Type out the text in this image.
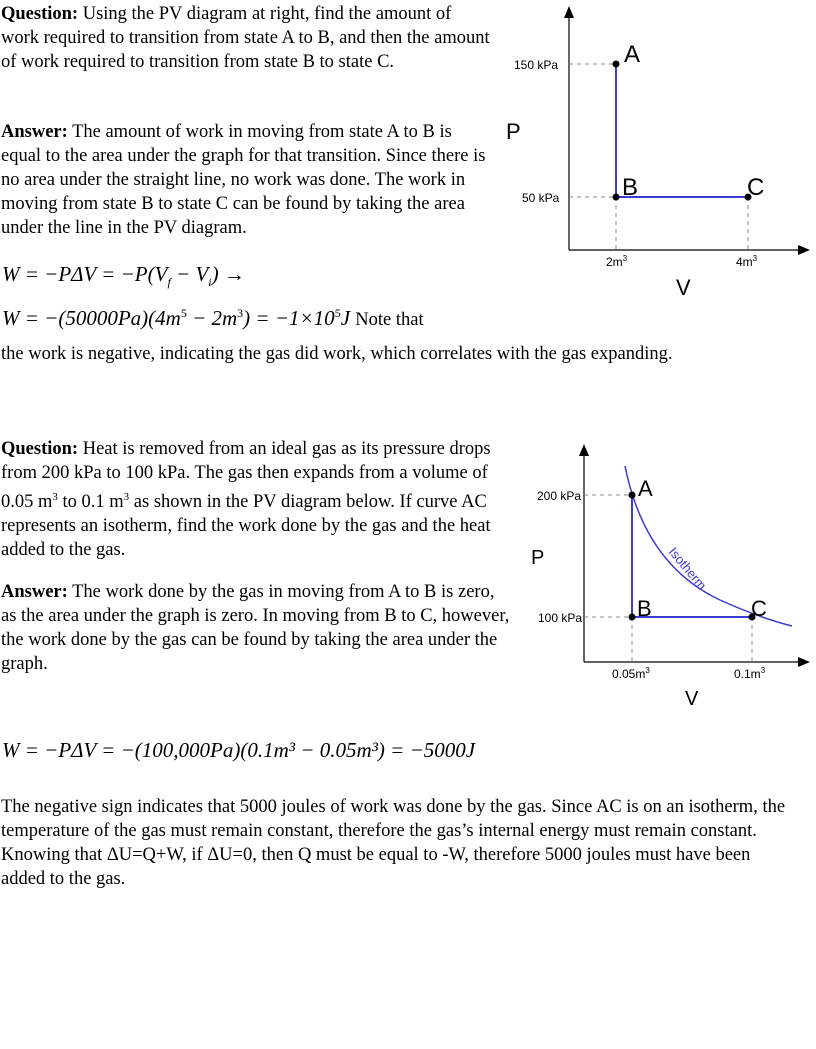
Question: Using the PV diagram at right, find the amount of work required to transition from state A to B, and then the amount of work required to transition from state B to state C.

Answer: The amount of work in moving from state A to B is equal to the area under the graph for that transition. Since there is no area under the straight line, no work was done. The work in moving from state B to state C can be found by taking the area under the line in the PV diagram.

$W = -P\Delta V = -P(V_f - V_i)$ →
$W = -(50000Pa)(4m^5 - 2m^3) = -1\times 10^5J$ Note that

the work is negative, indicating the gas did work, which correlates with the gas expanding.

A
B	C
150 kPa
50 kPa
P
$2m^3$	$4m^3$
V

Question: Heat is removed from an ideal gas as its pressure drops from 200 kPa to 100 kPa. The gas then expands from a volume of 0.05 $m^3$ to 0.1 $m^3$ as shown in the PV diagram below. If curve AC represents an isotherm, find the work done by the gas and the heat added to the gas.

Answer: The work done by the gas in moving from A to B is zero, as the area under the graph is zero. In moving from B to C, however, the work done by the gas can be found by taking the area under the graph.

W = −PΔV = −(100,000Pa)(0.1m³ − 0.05m³) = −5000J

The negative sign indicates that 5000 joules of work was done by the gas. Since AC is on an isotherm, the temperature of the gas must remain constant, therefore the gas’s internal energy must remain constant. Knowing that ΔU=Q+W, if ΔU=0, then Q must be equal to -W, therefore 5000 joules must have been added to the gas.

A
B	C
Isotherm
200 kPa
100 kPa
P
$0.05m^3$	$0.1m^3$
V
